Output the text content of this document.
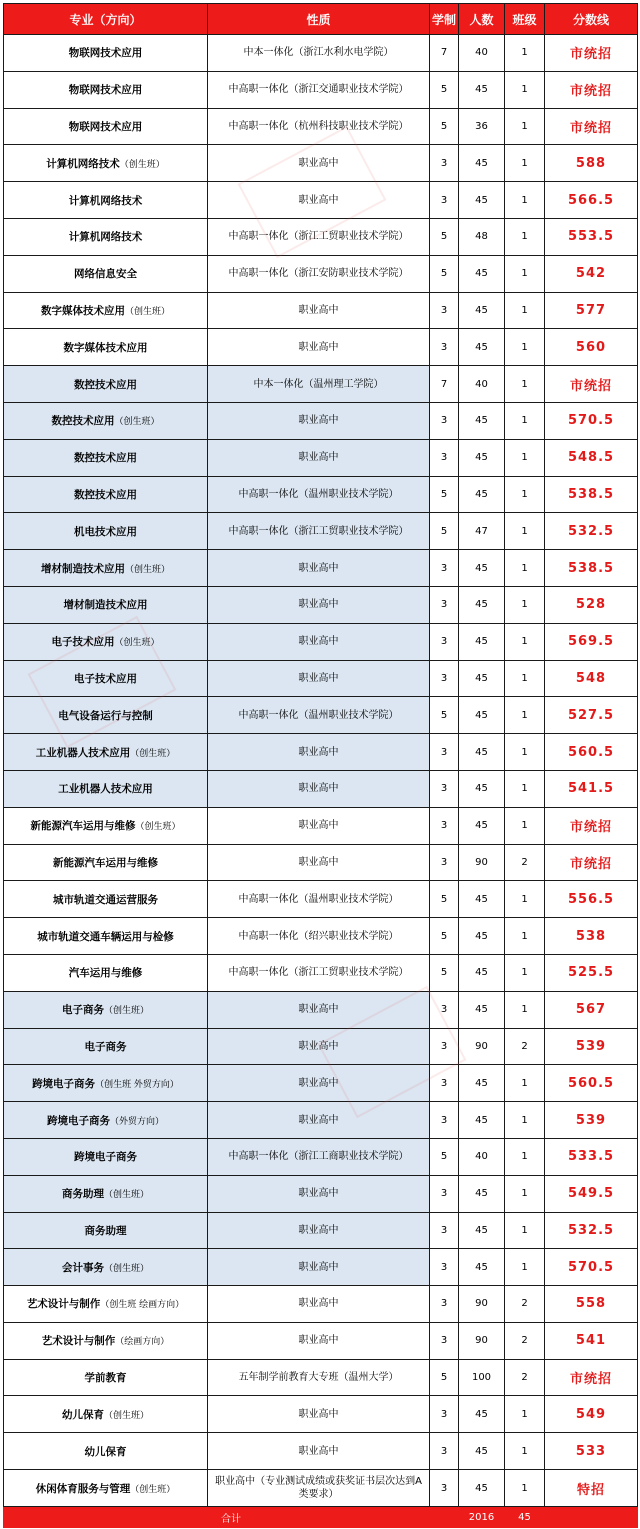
专业（方向）	性质	学制	人数	班级	分数线
物联网技术应用	中本一体化（浙江水利水电学院）	7	40	1	市统招
物联网技术应用	中高职一体化（浙江交通职业技术学院）	5	45	1	市统招
物联网技术应用	中高职一体化（杭州科技职业技术学院）	5	36	1	市统招
计算机网络技术（创生班）	职业高中	3	45	1	588
计算机网络技术	职业高中	3	45	1	566.5
计算机网络技术	中高职一体化（浙江工贸职业技术学院）	5	48	1	553.5
网络信息安全	中高职一体化（浙江安防职业技术学院）	5	45	1	542
数字媒体技术应用（创生班）	职业高中	3	45	1	577
数字媒体技术应用	职业高中	3	45	1	560
数控技术应用	中本一体化（温州理工学院）	7	40	1	市统招
数控技术应用（创生班）	职业高中	3	45	1	570.5
数控技术应用	职业高中	3	45	1	548.5
数控技术应用	中高职一体化（温州职业技术学院）	5	45	1	538.5
机电技术应用	中高职一体化（浙江工贸职业技术学院）	5	47	1	532.5
增材制造技术应用（创生班）	职业高中	3	45	1	538.5
增材制造技术应用	职业高中	3	45	1	528
电子技术应用（创生班）	职业高中	3	45	1	569.5
电子技术应用	职业高中	3	45	1	548
电气设备运行与控制	中高职一体化（温州职业技术学院）	5	45	1	527.5
工业机器人技术应用（创生班）	职业高中	3	45	1	560.5
工业机器人技术应用	职业高中	3	45	1	541.5
新能源汽车运用与维修（创生班）	职业高中	3	45	1	市统招
新能源汽车运用与维修	职业高中	3	90	2	市统招
城市轨道交通运营服务	中高职一体化（温州职业技术学院）	5	45	1	556.5
城市轨道交通车辆运用与检修	中高职一体化（绍兴职业技术学院）	5	45	1	538
汽车运用与维修	中高职一体化（浙江工贸职业技术学院）	5	45	1	525.5
电子商务（创生班）	职业高中	3	45	1	567
电子商务	职业高中	3	90	2	539
跨境电子商务（创生班 外贸方向）	职业高中	3	45	1	560.5
跨境电子商务（外贸方向）	职业高中	3	45	1	539
跨境电子商务	中高职一体化（浙江工商职业技术学院）	5	40	1	533.5
商务助理（创生班）	职业高中	3	45	1	549.5
商务助理	职业高中	3	45	1	532.5
会计事务（创生班）	职业高中	3	45	1	570.5
艺术设计与制作（创生班 绘画方向）	职业高中	3	90	2	558
艺术设计与制作（绘画方向）	职业高中	3	90	2	541
学前教育	五年制学前教育大专班（温州大学）	5	100	2	市统招
幼儿保育（创生班）	职业高中	3	45	1	549
幼儿保育	职业高中	3	45	1	533
休闲体育服务与管理（创生班）	职业高中（专业测试成绩或获奖证书层次达到A类要求）	3	45	1	特招
合计			2016	45	
